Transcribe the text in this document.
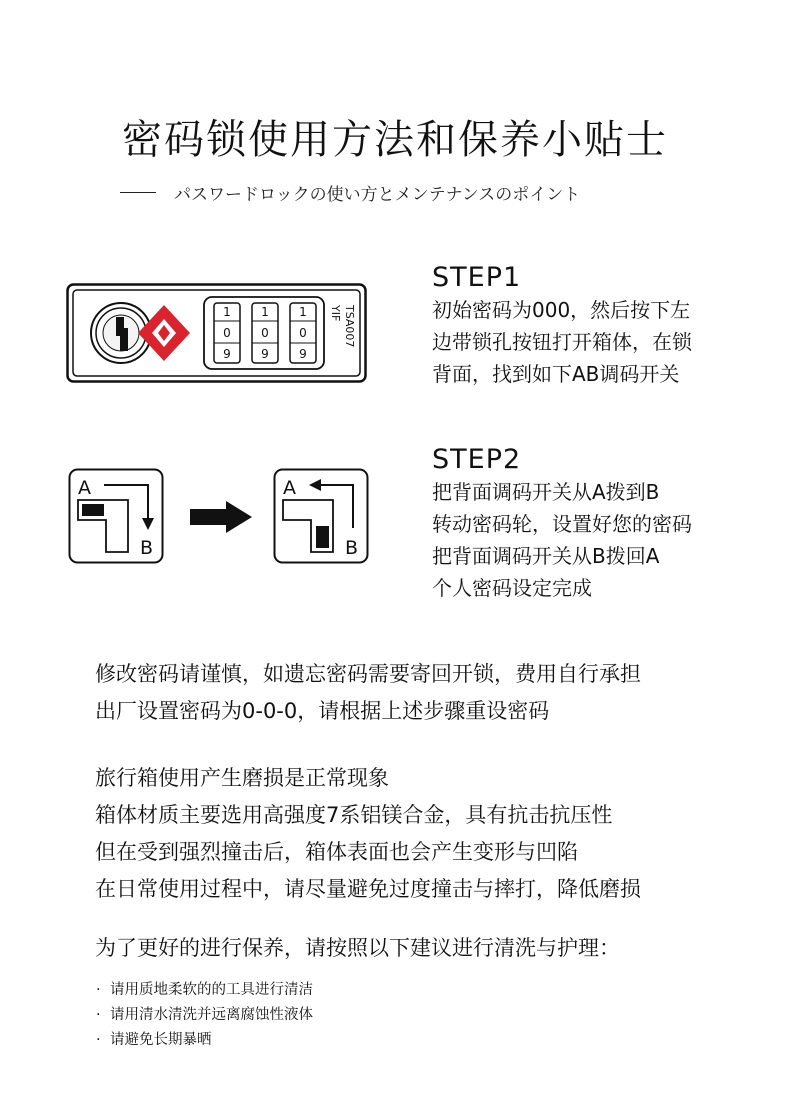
密码锁使用方法和保养小贴士
パスワードロックの使い方とメンテナンスのポイント
1
0
9
1
0
9
1
0
9
YIF TSA007
STEP1
初始密码为000，然后按下左
边带锁孔按钮打开箱体，在锁
背面，找到如下AB调码开关
A
B
A
B
STEP2
把背面调码开关从A拨到B
转动密码轮，设置好您的密码
把背面调码开关从B拨回A
个人密码设定完成
修改密码请谨慎，如遗忘密码需要寄回开锁，费用自行承担
出厂设置密码为0-0-0，请根据上述步骤重设密码
旅行箱使用产生磨损是正常现象
箱体材质主要选用高强度7系铝镁合金，具有抗击抗压性
但在受到强烈撞击后，箱体表面也会产生变形与凹陷
在日常使用过程中，请尽量避免过度撞击与摔打，降低磨损
为了更好的进行保养，请按照以下建议进行清洗与护理：
· 请用质地柔软的的工具进行清洁
· 请用清水清洗并远离腐蚀性液体
· 请避免长期暴晒
